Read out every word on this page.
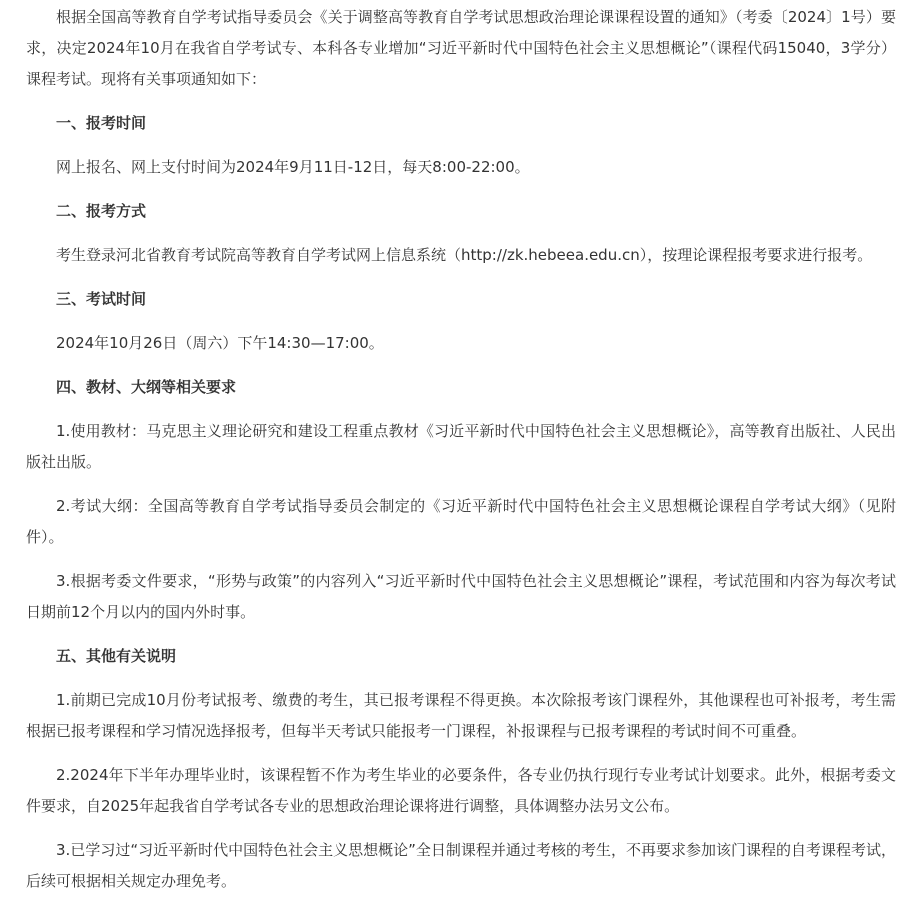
根据全国高等教育自学考试指导委员会《关于调整高等教育自学考试思想政治理论课课程设置的通知》（考委〔2024〕1号）要求，决定2024年10月在我省自学考试专、本科各专业增加“习近平新时代中国特色社会主义思想概论”（课程代码15040，3学分）课程考试。现将有关事项通知如下：

一、报考时间

网上报名、网上支付时间为2024年9月11日-12日，每天8:00-22:00。

二、报考方式

考生登录河北省教育考试院高等教育自学考试网上信息系统（http://zk.hebeea.edu.cn），按理论课程报考要求进行报考。

三、考试时间

2024年10月26日（周六）下午14:30—17:00。

四、教材、大纲等相关要求

1.使用教材：马克思主义理论研究和建设工程重点教材《习近平新时代中国特色社会主义思想概论》，高等教育出版社、人民出版社出版。

2.考试大纲：全国高等教育自学考试指导委员会制定的《习近平新时代中国特色社会主义思想概论课程自学考试大纲》（见附件）。

3.根据考委文件要求，“形势与政策”的内容列入“习近平新时代中国特色社会主义思想概论”课程，考试范围和内容为每次考试日期前12个月以内的国内外时事。

五、其他有关说明

1.前期已完成10月份考试报考、缴费的考生，其已报考课程不得更换。本次除报考该门课程外，其他课程也可补报考，考生需根据已报考课程和学习情况选择报考，但每半天考试只能报考一门课程，补报课程与已报考课程的考试时间不可重叠。

2.2024年下半年办理毕业时，该课程暂不作为考生毕业的必要条件，各专业仍执行现行专业考试计划要求。此外，根据考委文件要求，自2025年起我省自学考试各专业的思想政治理论课将进行调整，具体调整办法另文公布。

3.已学习过“习近平新时代中国特色社会主义思想概论”全日制课程并通过考核的考生，不再要求参加该门课程的自考课程考试，后续可根据相关规定办理免考。
